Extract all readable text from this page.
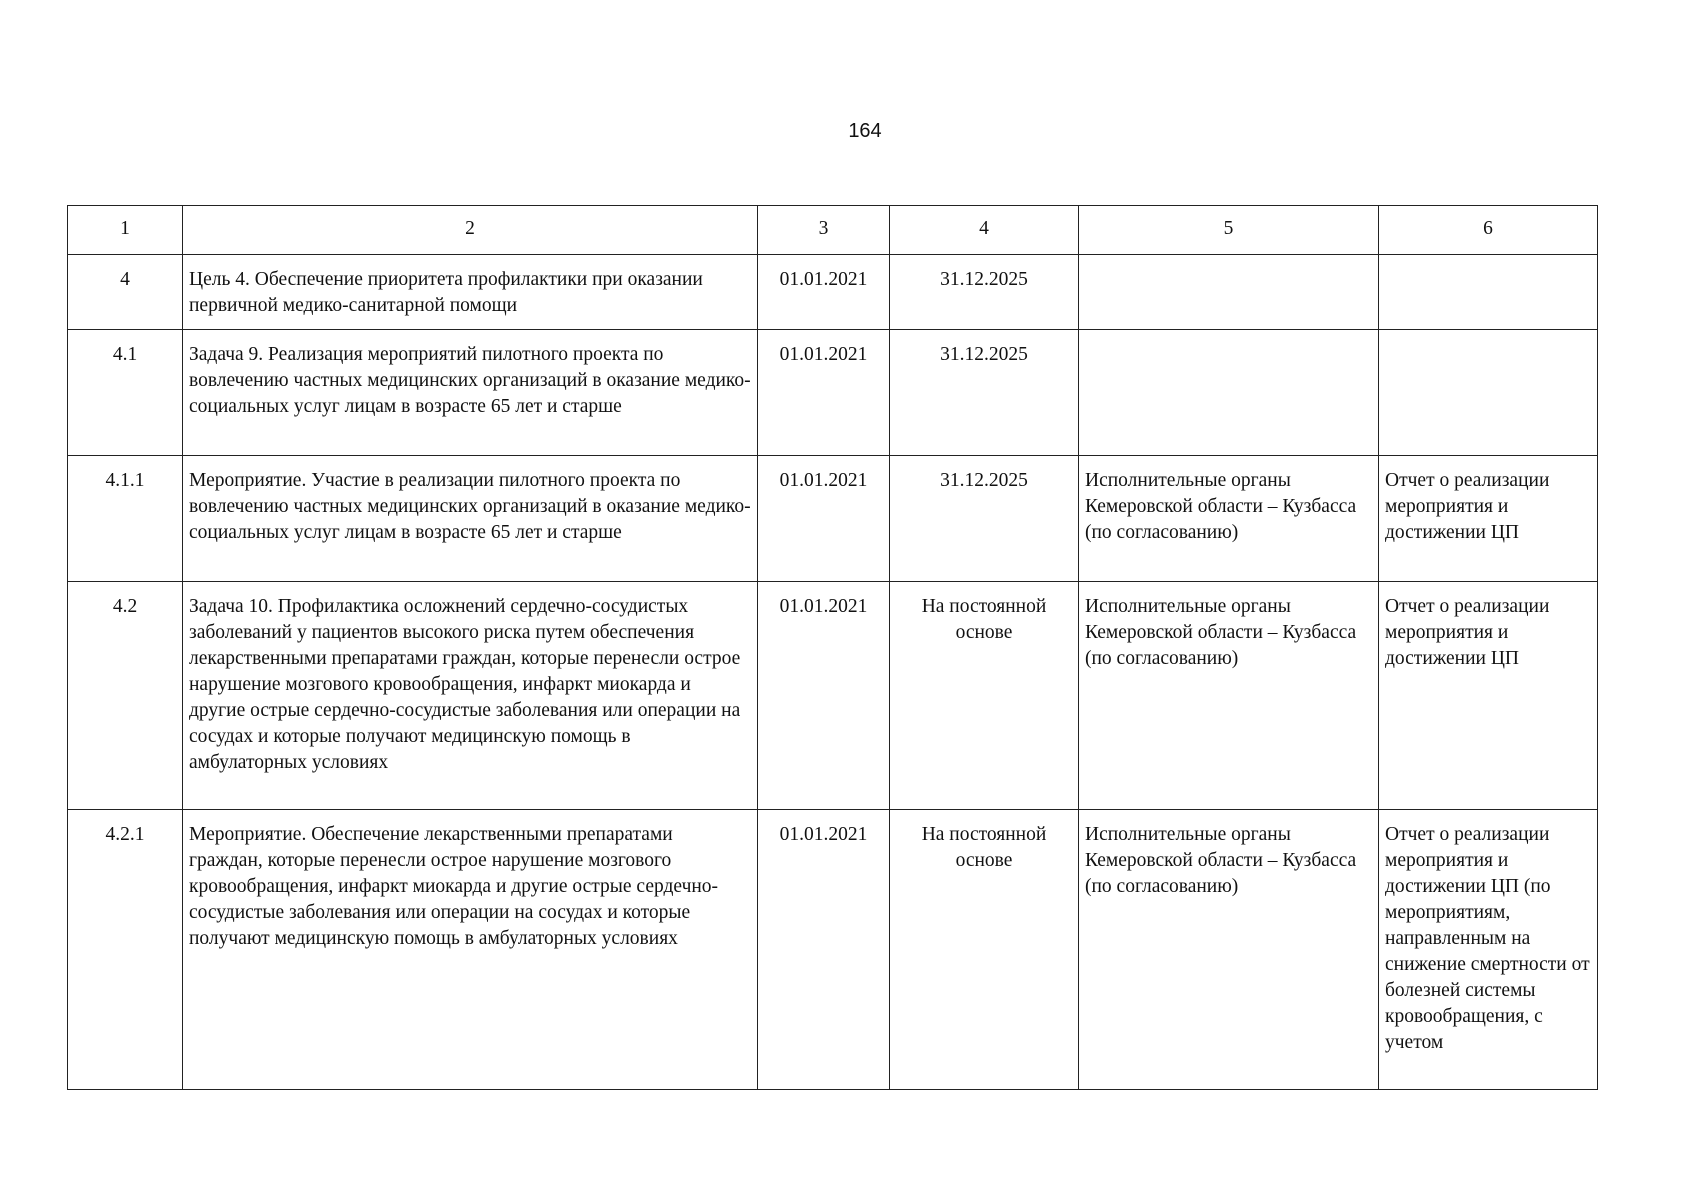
164
1	2	3	4	5	6
4	Цель 4. Обеспечение приоритета профилактики при оказании первичной медико-санитарной помощи	01.01.2021	31.12.2025		
4.1	Задача 9. Реализация мероприятий пилотного проекта по вовлечению частных медицинских организаций в оказание медико-социальных услуг лицам в возрасте 65 лет и старше	01.01.2021	31.12.2025		
4.1.1	Мероприятие. Участие в реализации пилотного проекта по вовлечению частных медицинских организаций в оказание медико-социальных услуг лицам в возрасте 65 лет и старше	01.01.2021	31.12.2025	Исполнительные органы Кемеровской области – Кузбасса (по согласованию)	Отчет о реализации мероприятия и достижении ЦП
4.2	Задача 10. Профилактика осложнений сердечно-сосудистых заболеваний у пациентов высокого риска путем обеспечения лекарственными препаратами граждан, которые перенесли острое нарушение мозгового кровообращения, инфаркт миокарда и другие острые сердечно-сосудистые заболевания или операции на сосудах и которые получают медицинскую помощь в амбулаторных условиях	01.01.2021	На постоянной основе	Исполнительные органы Кемеровской области – Кузбасса (по согласованию)	Отчет о реализации мероприятия и достижении ЦП
4.2.1	Мероприятие. Обеспечение лекарственными препаратами граждан, которые перенесли острое нарушение мозгового кровообращения, инфаркт миокарда и другие острые сердечно-сосудистые заболевания или операции на сосудах и которые получают медицинскую помощь в амбулаторных условиях	01.01.2021	На постоянной основе	Исполнительные органы Кемеровской области – Кузбасса (по согласованию)	Отчет о реализации мероприятия и достижении ЦП (по мероприятиям, направленным на снижение смертности от болезней системы кровообращения, с учетом
